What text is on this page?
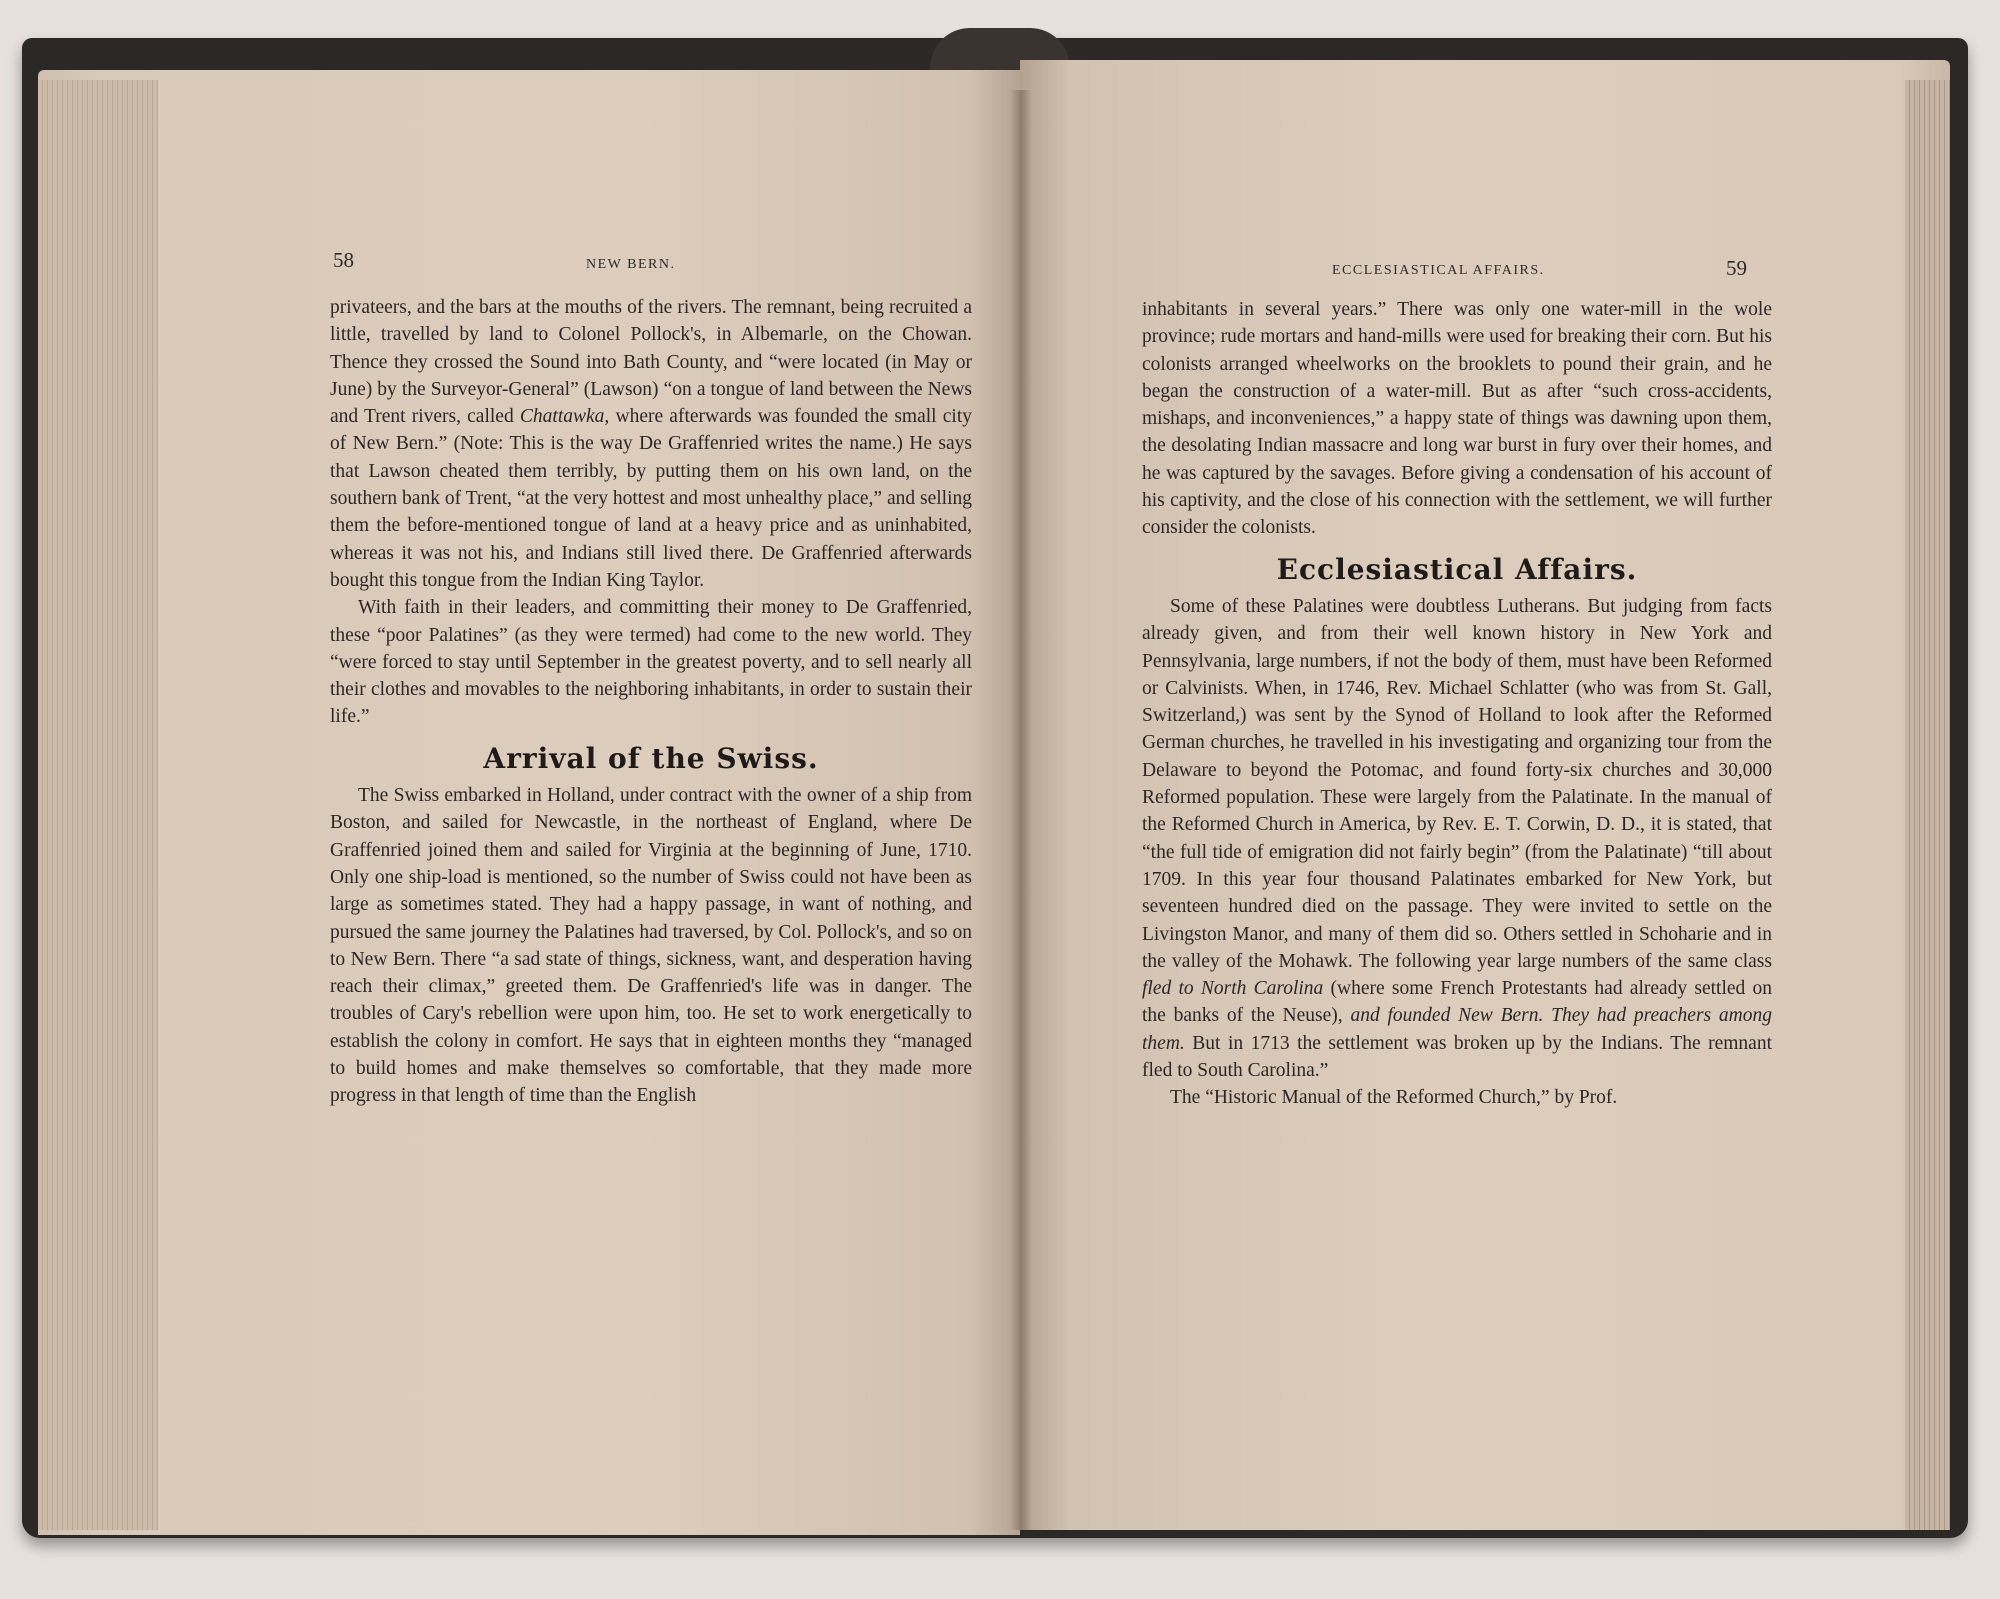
58	NEW BERN.

privateers, and the bars at the mouths of the rivers. The remnant, being recruited a little, travelled by land to Colonel Pollock's, in Albemarle, on the Chowan. Thence they crossed the Sound into Bath County, and “were located (in May or June) by the Surveyor-General” (Lawson) “on a tongue of land between the News and Trent rivers, called Chattawka, where afterwards was founded the small city of New Bern.” (Note: This is the way De Graffenried writes the name.) He says that Lawson cheated them terribly, by putting them on his own land, on the southern bank of Trent, “at the very hottest and most unhealthy place,” and selling them the before-mentioned tongue of land at a heavy price and as uninhabited, whereas it was not his, and Indians still lived there. De Graffenried afterwards bought this tongue from the Indian King Taylor.

With faith in their leaders, and committing their money to De Graffenried, these “poor Palatines” (as they were termed) had come to the new world. They “were forced to stay until September in the greatest poverty, and to sell nearly all their clothes and movables to the neighboring inhabitants, in order to sustain their life.”

Arrival of the Swiss.

The Swiss embarked in Holland, under contract with the owner of a ship from Boston, and sailed for Newcastle, in the northeast of England, where De Graffenried joined them and sailed for Virginia at the beginning of June, 1710. Only one ship-load is mentioned, so the number of Swiss could not have been as large as sometimes stated. They had a happy passage, in want of nothing, and pursued the same journey the Palatines had traversed, by Col. Pollock's, and so on to New Bern. There “a sad state of things, sickness, want, and desperation having reach their climax,” greeted them. De Graffenried's life was in danger. The troubles of Cary's rebellion were upon him, too. He set to work energetically to establish the colony in comfort. He says that in eighteen months they “managed to build homes and make themselves so comfortable, that they made more progress in that length of time than the English

ECCLESIASTICAL AFFAIRS.	59

inhabitants in several years.” There was only one water-mill in the wole province; rude mortars and hand-mills were used for breaking their corn. But his colonists arranged wheelworks on the brooklets to pound their grain, and he began the construction of a water-mill. But as after “such cross-accidents, mishaps, and inconveniences,” a happy state of things was dawning upon them, the desolating Indian massacre and long war burst in fury over their homes, and he was captured by the savages. Before giving a condensation of his account of his captivity, and the close of his connection with the settlement, we will further consider the colonists.

Ecclesiastical Affairs.

Some of these Palatines were doubtless Lutherans. But judging from facts already given, and from their well known history in New York and Pennsylvania, large numbers, if not the body of them, must have been Reformed or Calvinists. When, in 1746, Rev. Michael Schlatter (who was from St. Gall, Switzerland,) was sent by the Synod of Holland to look after the Reformed German churches, he travelled in his investigating and organizing tour from the Delaware to beyond the Potomac, and found forty-six churches and 30,000 Reformed population. These were largely from the Palatinate. In the manual of the Reformed Church in America, by Rev. E. T. Corwin, D. D., it is stated, that “the full tide of emigration did not fairly begin” (from the Palatinate) “till about 1709. In this year four thousand Palatinates embarked for New York, but seventeen hundred died on the passage. They were invited to settle on the Livingston Manor, and many of them did so. Others settled in Schoharie and in the valley of the Mohawk. The following year large numbers of the same class fled to North Carolina (where some French Protestants had already settled on the banks of the Neuse), and founded New Bern. They had preachers among them. But in 1713 the settlement was broken up by the Indians. The remnant fled to South Carolina.”

The “Historic Manual of the Reformed Church,” by Prof.
